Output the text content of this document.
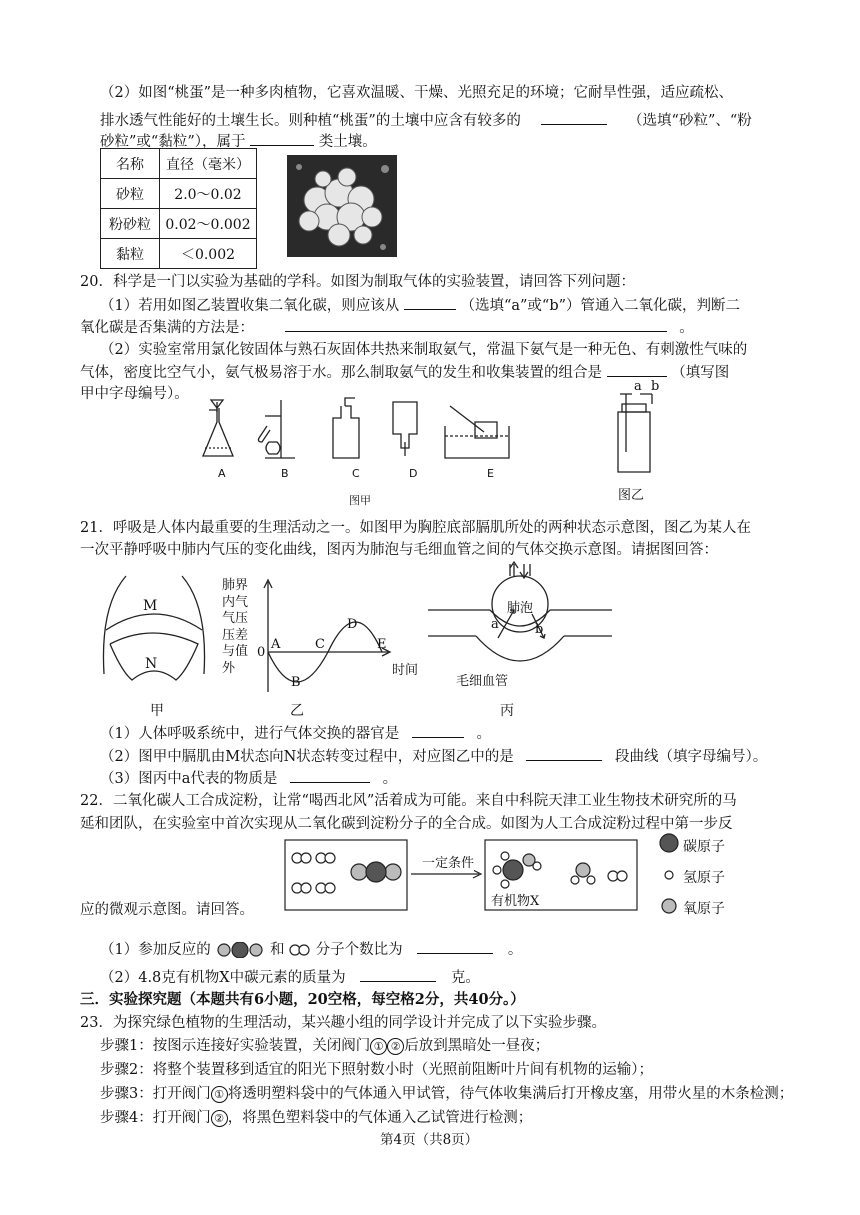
（2）如图“桃蛋”是一种多肉植物，它喜欢温暖、干燥、光照充足的环境；它耐旱性强，适应疏松、
排水透气性能好的土壤生长。则种植“桃蛋”的土壤中应含有较多的	（选填“砂粒”、“粉
砂粒”或“黏粒”），属于	类土壤。
名称	直径（毫米）
砂粒	2.0～0.02
粉砂粒	0.02～0.002
黏粒	＜0.002
20．科学是一门以实验为基础的学科。如图为制取气体的实验装置，请回答下列问题：
（1）若用如图乙装置收集二氧化碳，则应该从	（选填“a”或“b”）管通入二氧化碳，判断二
氧化碳是否集满的方法是：	。
（2）实验室常用氯化铵固体与熟石灰固体共热来制取氨气，常温下氨气是一种无色、有刺激性气味的
气体，密度比空气小，氨气极易溶于水。那么制取氨气的发生和收集装置的组合是	（填写图
甲中字母编号）。
A	B	C	D	E
图甲
a b
图乙
21．呼吸是人体内最重要的生理活动之一。如图甲为胸腔底部膈肌所处的两种状态示意图，图乙为某人在
一次平静呼吸中肺内气压的变化曲线，图丙为肺泡与毛细血管之间的气体交换示意图。请据图回答：
M
N
甲
肺界
内气
气压
压差
与值
外
0
A
B
C
D
E
时间
乙
肺泡
a	b
毛细血管
丙
（1）人体呼吸系统中，进行气体交换的器官是	。
（2）图甲中膈肌由M状态向N状态转变过程中，对应图乙中的是	段曲线（填字母编号）。
（3）图丙中a代表的物质是	。
22．二氧化碳人工合成淀粉，让常“喝西北风”活着成为可能。来自中科院天津工业生物技术研究所的马
延和团队，在实验室中首次实现从二氧化碳到淀粉分子的全合成。如图为人工合成淀粉过程中第一步反
一定条件
有机物X
碳原子
氢原子
氧原子
应的微观示意图。请回答。
（1）参加反应的	和 分子个数比为	。
（2）4.8克有机物X中碳元素的质量为	克。
三．实验探究题（本题共有6小题，20空格，每空格2分，共40分。）
23．为探究绿色植物的生理活动，某兴趣小组的同学设计并完成了以下实验步骤。
步骤1：按图示连接好实验装置，关闭阀门 ① ② 后放到黑暗处一昼夜；
步骤2：将整个装置移到适宜的阳光下照射数小时（光照前阻断叶片间有机物的运输）；
步骤3：打开阀门 ① 将透明塑料袋中的气体通入甲试管，待气体收集满后打开橡皮塞，用带火星的木条检测；
步骤4：打开阀门 ② ，将黑色塑料袋中的气体通入乙试管进行检测；
第4页（共8页）
